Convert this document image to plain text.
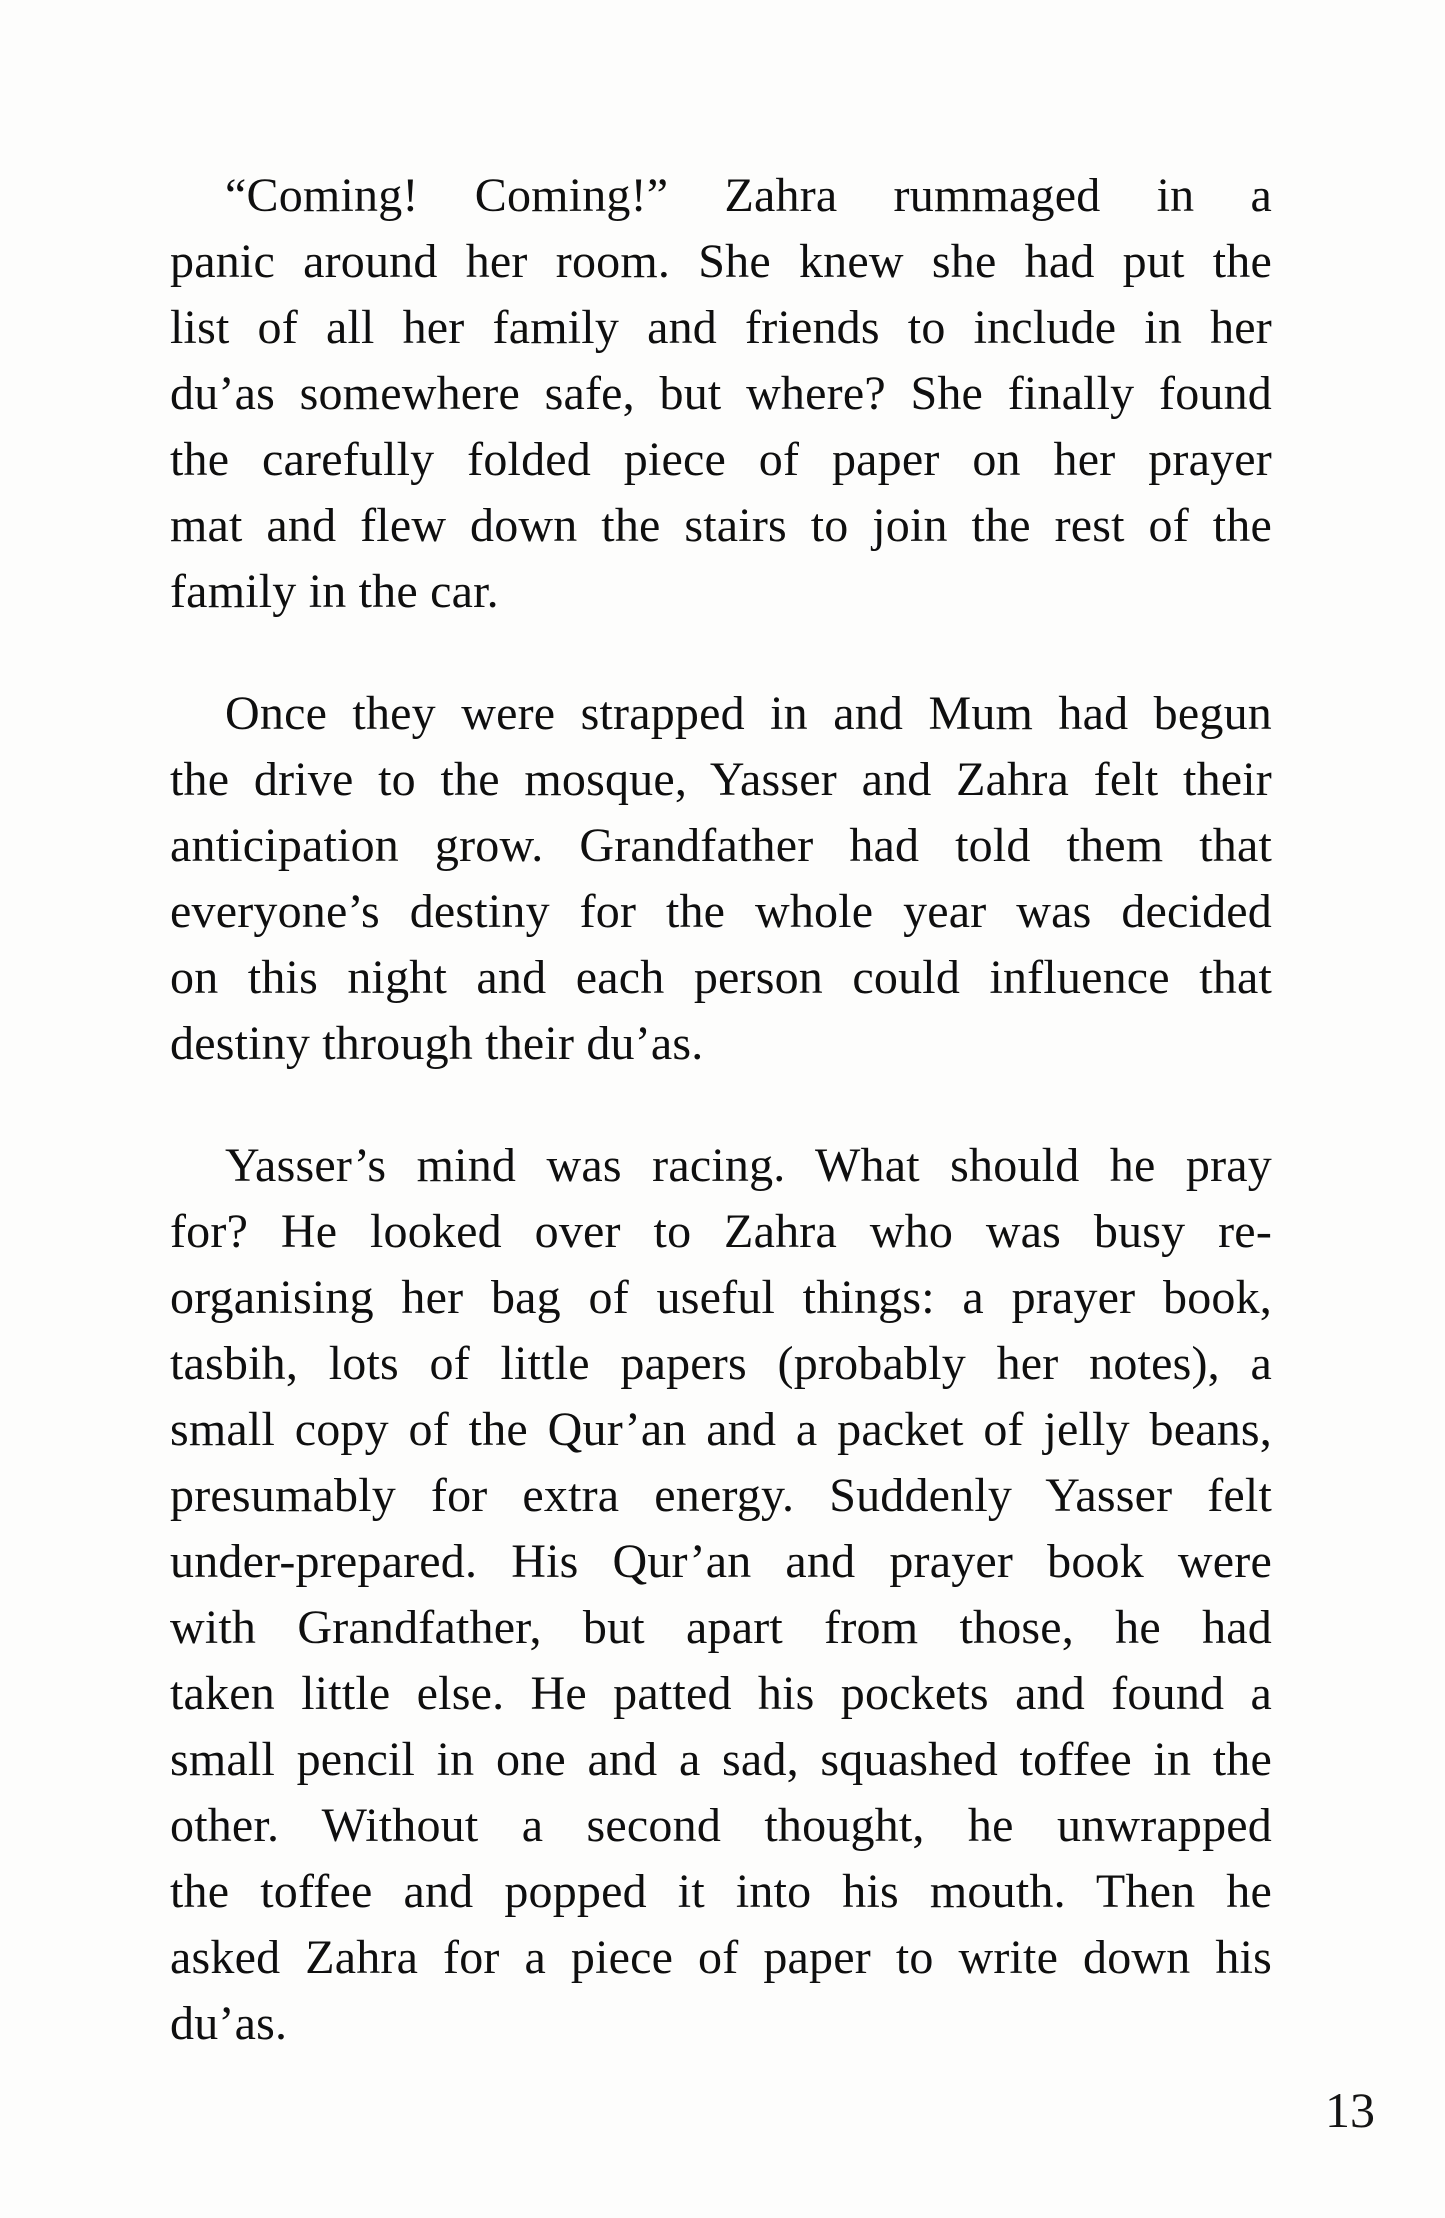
“Coming! Coming!” Zahra rummaged in a
panic around her room. She knew she had put the
list of all her family and friends to include in her
du’as somewhere safe, but where? She finally found
the carefully folded piece of paper on her prayer
mat and flew down the stairs to join the rest of the
family in the car.
Once they were strapped in and Mum had begun
the drive to the mosque, Yasser and Zahra felt their
anticipation grow. Grandfather had told them that
everyone’s destiny for the whole year was decided
on this night and each person could influence that
destiny through their du’as.
Yasser’s mind was racing. What should he pray
for? He looked over to Zahra who was busy re-
organising her bag of useful things: a prayer book,
tasbih, lots of little papers (probably her notes), a
small copy of the Qur’an and a packet of jelly beans,
presumably for extra energy. Suddenly Yasser felt
under-prepared. His Qur’an and prayer book were
with Grandfather, but apart from those, he had
taken little else. He patted his pockets and found a
small pencil in one and a sad, squashed toffee in the
other. Without a second thought, he unwrapped
the toffee and popped it into his mouth. Then he
asked Zahra for a piece of paper to write down his
du’as.
13
